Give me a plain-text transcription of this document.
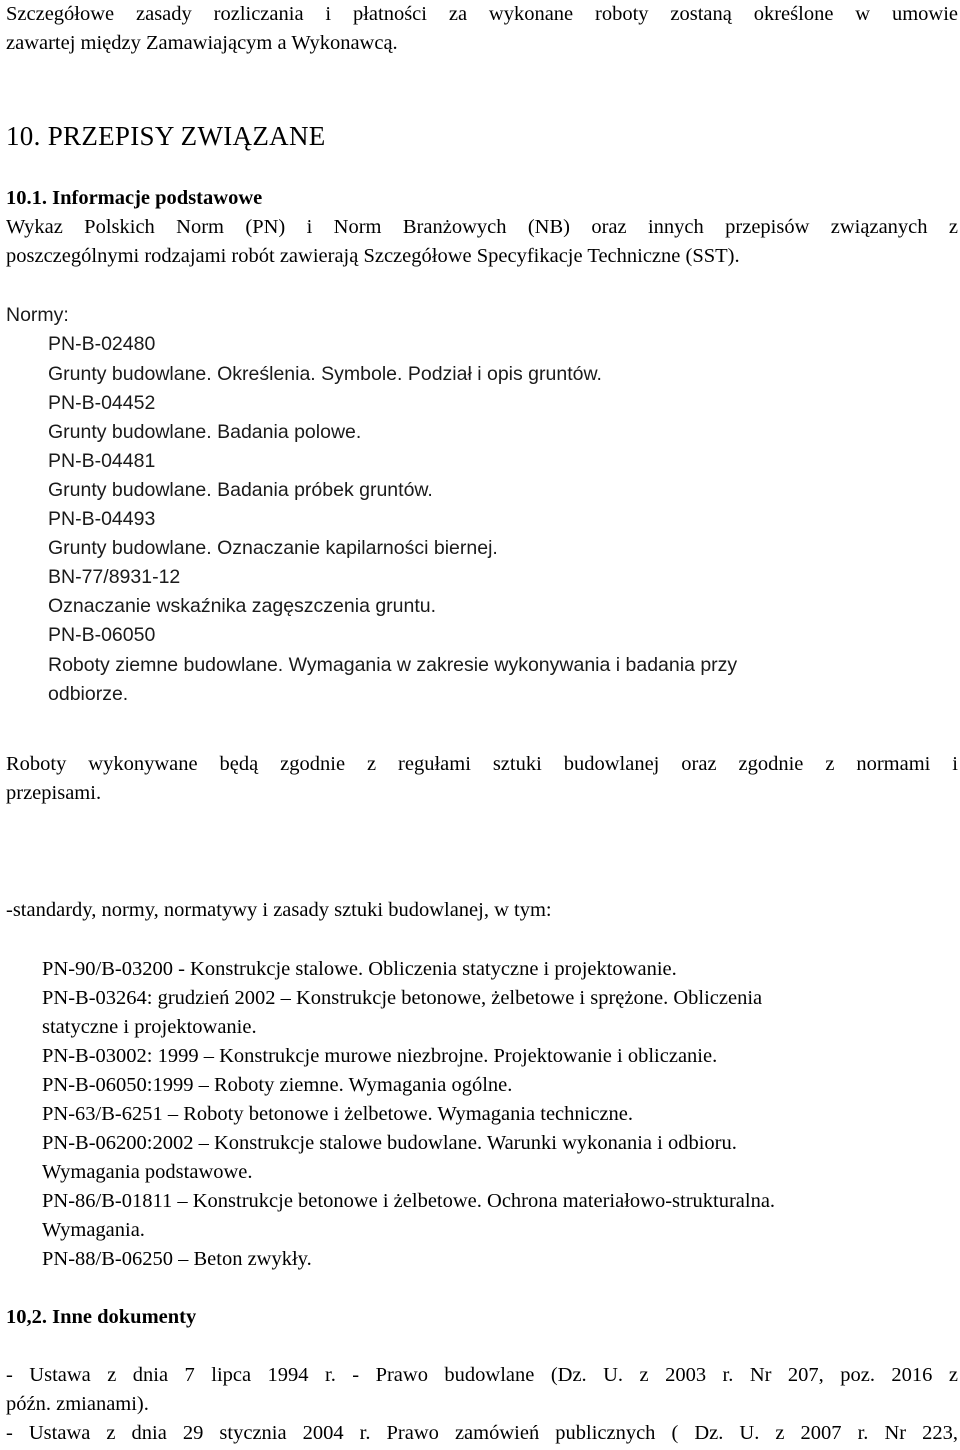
Szczegółowe zasady rozliczania i płatności za wykonane roboty zostaną określone w umowie
zawartej między Zamawiającym a Wykonawcą.
10. PRZEPISY ZWIĄZANE
10.1. Informacje podstawowe
Wykaz Polskich Norm (PN) i Norm Branżowych (NB) oraz innych przepisów związanych z
poszczególnymi rodzajami robót zawierają Szczegółowe Specyfikacje Techniczne (SST).
Normy:
PN-B-02480
Grunty budowlane. Określenia. Symbole. Podział i opis gruntów.
PN-B-04452
Grunty budowlane. Badania polowe.
PN-B-04481
Grunty budowlane. Badania próbek gruntów.
PN-B-04493
Grunty budowlane. Oznaczanie kapilarności biernej.
BN-77/8931-12
Oznaczanie wskaźnika zagęszczenia gruntu.
PN-B-06050
Roboty ziemne budowlane. Wymagania w zakresie wykonywania i badania przy
odbiorze.
Roboty wykonywane będą zgodnie z regułami sztuki budowlanej oraz zgodnie z normami i
przepisami.
-standardy, normy, normatywy i zasady sztuki budowlanej, w tym:
PN-90/B-03200 - Konstrukcje stalowe. Obliczenia statyczne i projektowanie.
PN-B-03264: grudzień 2002 – Konstrukcje betonowe, żelbetowe i sprężone. Obliczenia
statyczne i projektowanie.
PN-B-03002: 1999 – Konstrukcje murowe niezbrojne. Projektowanie i obliczanie.
PN-B-06050:1999 – Roboty ziemne. Wymagania ogólne.
PN-63/B-6251 – Roboty betonowe i żelbetowe. Wymagania techniczne.
PN-B-06200:2002 – Konstrukcje stalowe budowlane. Warunki wykonania i odbioru.
Wymagania podstawowe.
PN-86/B-01811 – Konstrukcje betonowe i żelbetowe. Ochrona materiałowo-strukturalna.
Wymagania.
PN-88/B-06250 – Beton zwykły.
10,2. Inne dokumenty
- Ustawa z dnia 7 lipca 1994 r. - Prawo budowlane (Dz. U. z 2003 r. Nr 207, poz. 2016 z
późn. zmianami).
- Ustawa z dnia 29 stycznia 2004 r. Prawo zamówień publicznych ( Dz. U. z 2007 r. Nr 223,
